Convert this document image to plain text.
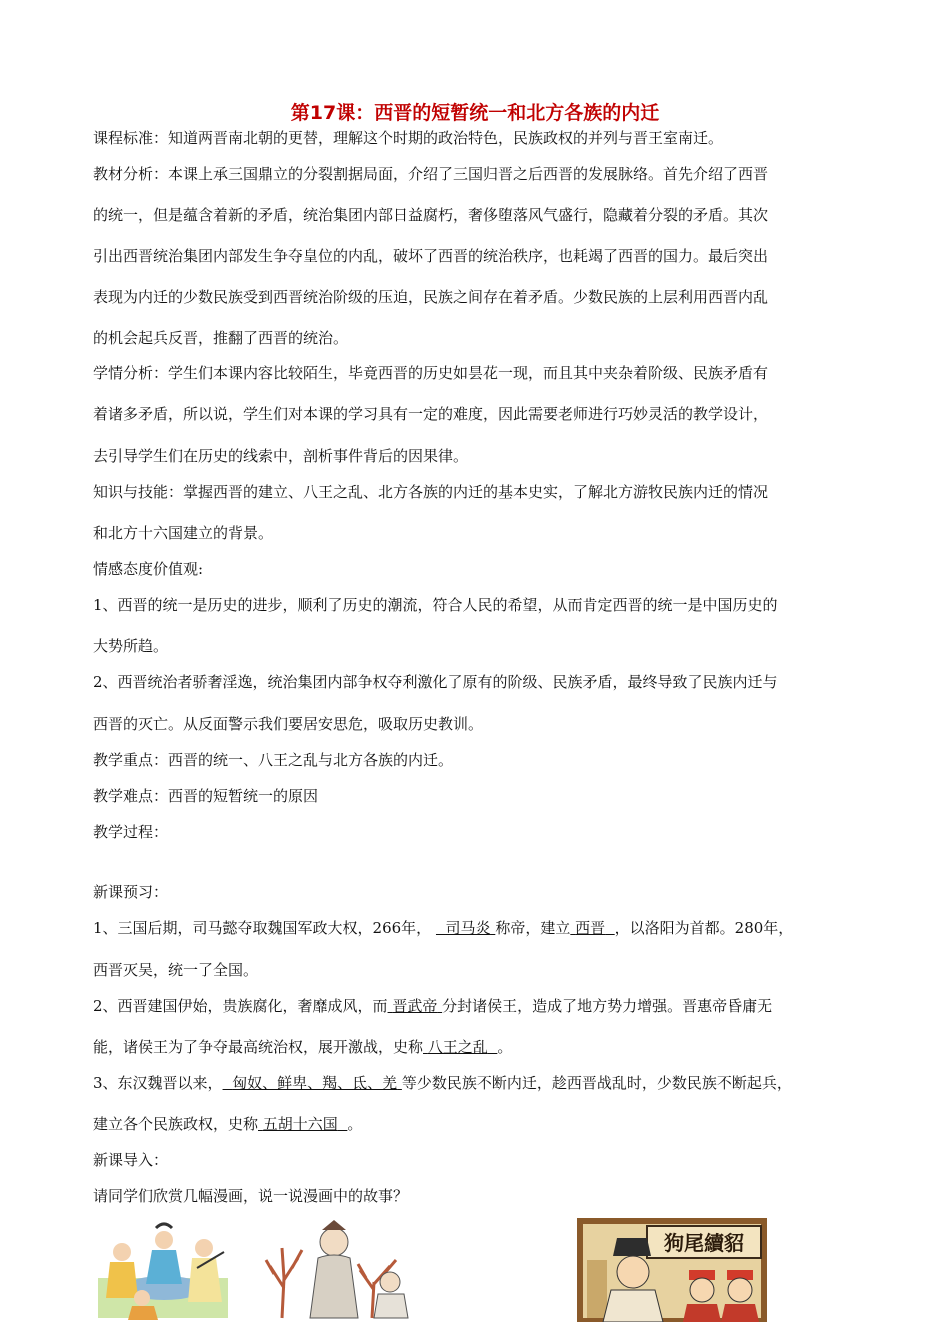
第17课：西晋的短暂统一和北方各族的内迁
课程标准：知道两晋南北朝的更替，理解这个时期的政治特色，民族政权的并列与晋王室南迁。
教材分析：本课上承三国鼎立的分裂割据局面，介绍了三国归晋之后西晋的发展脉络。首先介绍了西晋
的统一，但是蕴含着新的矛盾，统治集团内部日益腐朽，奢侈堕落风气盛行，隐藏着分裂的矛盾。其次
引出西晋统治集团内部发生争夺皇位的内乱，破坏了西晋的统治秩序，也耗竭了西晋的国力。最后突出
表现为内迁的少数民族受到西晋统治阶级的压迫，民族之间存在着矛盾。少数民族的上层利用西晋内乱
的机会起兵反晋，推翻了西晋的统治。
学情分析：学生们本课内容比较陌生，毕竟西晋的历史如昙花一现，而且其中夹杂着阶级、民族矛盾有
着诸多矛盾，所以说，学生们对本课的学习具有一定的难度，因此需要老师进行巧妙灵活的教学设计，
去引导学生们在历史的线索中，剖析事件背后的因果律。
知识与技能：掌握西晋的建立、八王之乱、北方各族的内迁的基本史实，了解北方游牧民族内迁的情况
和北方十六国建立的背景。
情感态度价值观:
1、西晋的统一是历史的进步，顺利了历史的潮流，符合人民的希望，从而肯定西晋的统一是中国历史的
大势所趋。
2、西晋统治者骄奢淫逸，统治集团内部争权夺利激化了原有的阶级、民族矛盾，最终导致了民族内迁与
西晋的灭亡。从反面警示我们要居安思危，吸取历史教训。
教学重点：西晋的统一、八王之乱与北方各族的内迁。
教学难点：西晋的短暂统一的原因
教学过程：
新课预习：
1、三国后期，司马懿夺取魏国军政大权，266年， 司马炎 称帝，建立 西晋 ，以洛阳为首都。280年，
西晋灭吴，统一了全国。
2、西晋建国伊始，贵族腐化，奢靡成风，而 晋武帝 分封诸侯王，造成了地方势力增强。晋惠帝昏庸无
能，诸侯王为了争夺最高统治权，展开激战，史称 八王之乱 。
3、东汉魏晋以来， 匈奴、鲜卑、羯、氐、羌 等少数民族不断内迁，趁西晋战乱时，少数民族不断起兵，
建立各个民族政权，史称 五胡十六国 。
新课导入：
请同学们欣赏几幅漫画，说一说漫画中的故事？
狗尾續貂
